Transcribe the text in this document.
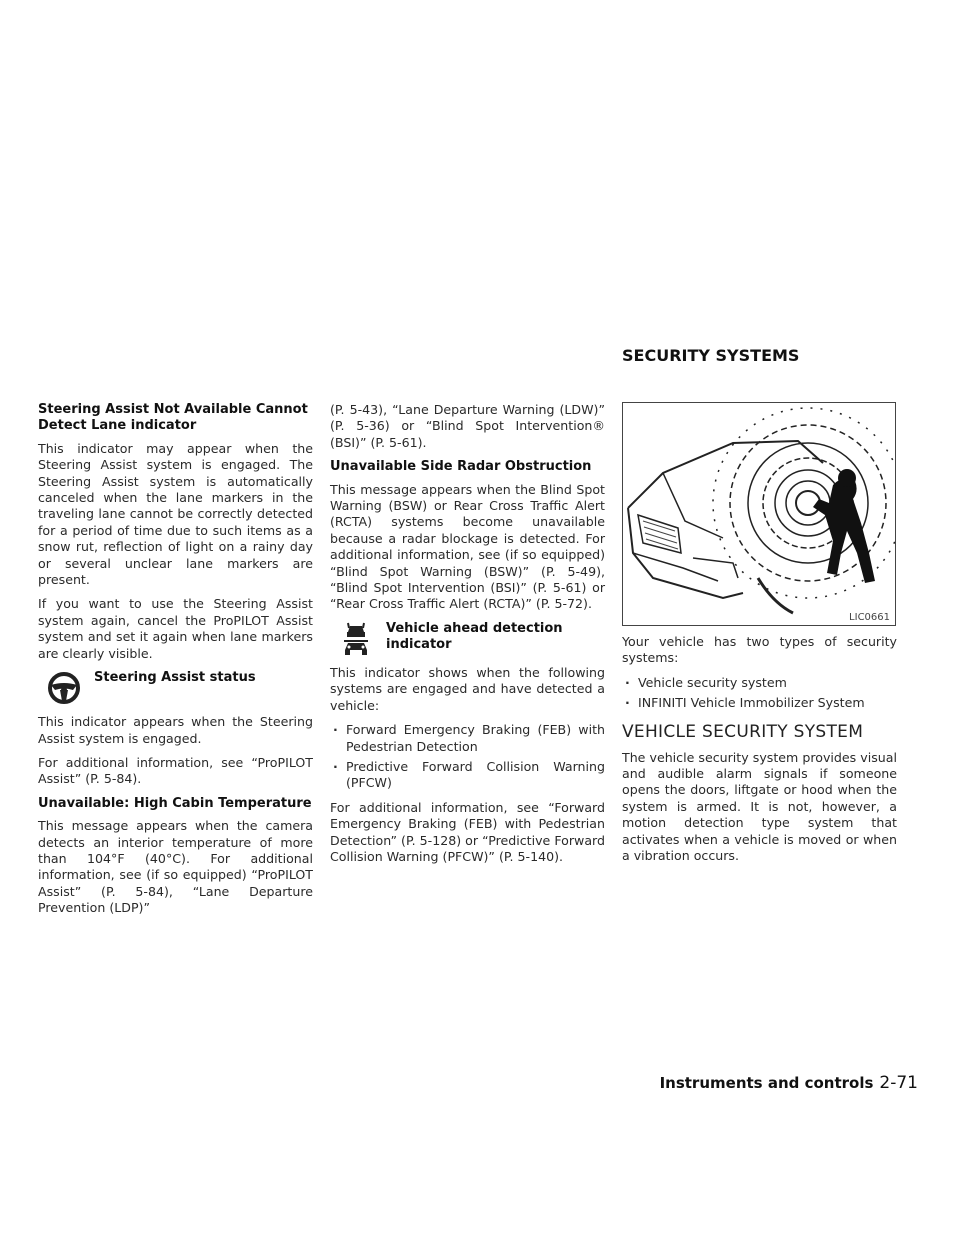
SECURITY SYSTEMS
Steering Assist Not Available Cannot Detect Lane indicator

This indicator may appear when the Steering Assist system is engaged. The Steering Assist system is automatically canceled when the lane markers in the traveling lane cannot be correctly detected for a period of time due to such items as a snow rut, reflection of light on a rainy day or several unclear lane markers are present.

If you want to use the Steering Assist system again, cancel the ProPILOT Assist system and set it again when lane markers are clearly visible.

Steering Assist status

This indicator appears when the Steering Assist system is engaged.

For additional information, see “ProPILOT Assist” (P. 5-84).

Unavailable: High Cabin Temperature

This message appears when the camera detects an interior temperature of more than 104°F (40°C). For additional information, see (if so equipped) “ProPILOT Assist” (P. 5-84), “Lane Departure Prevention (LDP)”

(P. 5-43), “Lane Departure Warning (LDW)” (P. 5-36) or “Blind Spot Intervention® (BSI)” (P. 5-61).

Unavailable Side Radar Obstruction

This message appears when the Blind Spot Warning (BSW) or Rear Cross Traffic Alert (RCTA) systems become unavailable because a radar blockage is detected. For additional information, see (if so equipped) “Blind Spot Warning (BSW)” (P. 5-49), “Blind Spot Intervention (BSI)” (P. 5-61) or “Rear Cross Traffic Alert (RCTA)” (P. 5-72).

Vehicle ahead detection indicator

This indicator shows when the following systems are engaged and have detected a vehicle:

· Forward Emergency Braking (FEB) with Pedestrian Detection
· Predictive Forward Collision Warning (PFCW)

For additional information, see “Forward Emergency Braking (FEB) with Pedestrian Detection” (P. 5-128) or “Predictive Forward Collision Warning (PFCW)” (P. 5-140).

LIC0661

Your vehicle has two types of security systems:

· Vehicle security system
· INFINITI Vehicle Immobilizer System
VEHICLE SECURITY SYSTEM

The vehicle security system provides visual and audible alarm signals if someone opens the doors, liftgate or hood when the system is armed. It is not, however, a motion detection type system that activates when a vehicle is moved or when a vibration occurs.

Instruments and controls 2-71
